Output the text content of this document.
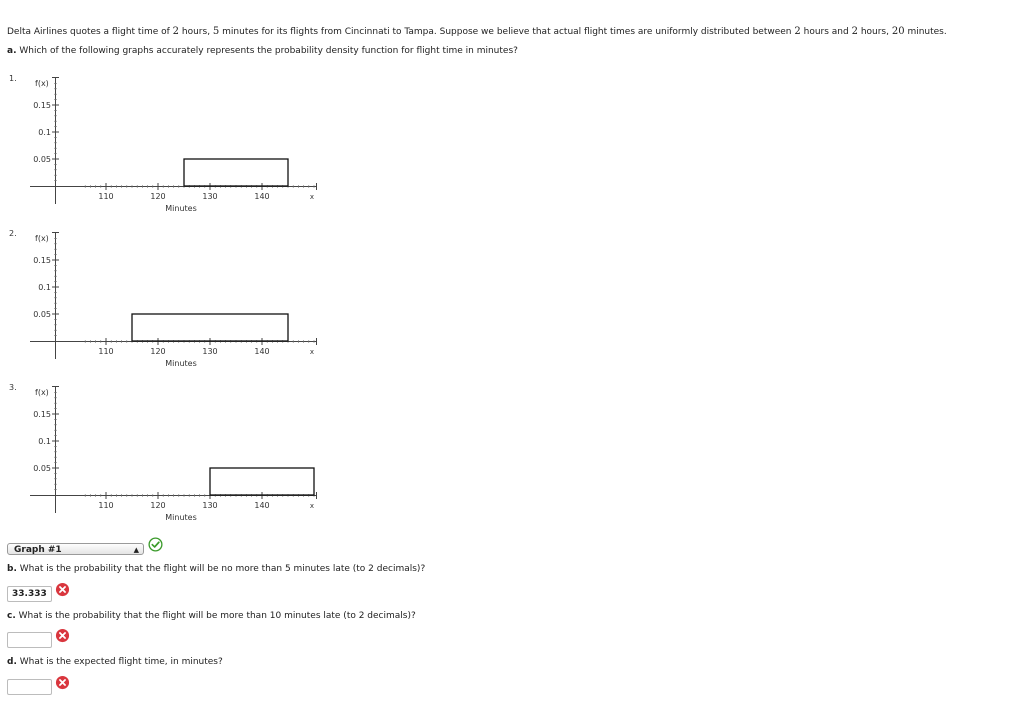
Delta Airlines quotes a flight time of 2 hours, 5 minutes for its flights from Cincinnati to Tampa. Suppose we believe that actual flight times are uniformly distributed between 2 hours and 2 hours, 20 minutes.
a. Which of the following graphs accurately represents the probability density function for flight time in minutes?
1.
f(x)
0.15
0.1
0.05
110	120	130	140	x
Minutes
2.
f(x)
0.15
0.1
0.05
110	120	130	140	x
Minutes
3.
f(x)
0.15
0.1
0.05
110	120	130	140	x
Minutes
Graph #1	▲

b. What is the probability that the flight will be no more than 5 minutes late (to 2 decimals)?
33.333
c. What is the probability that the flight will be more than 10 minutes late (to 2 decimals)?
d. What is the expected flight time, in minutes?
